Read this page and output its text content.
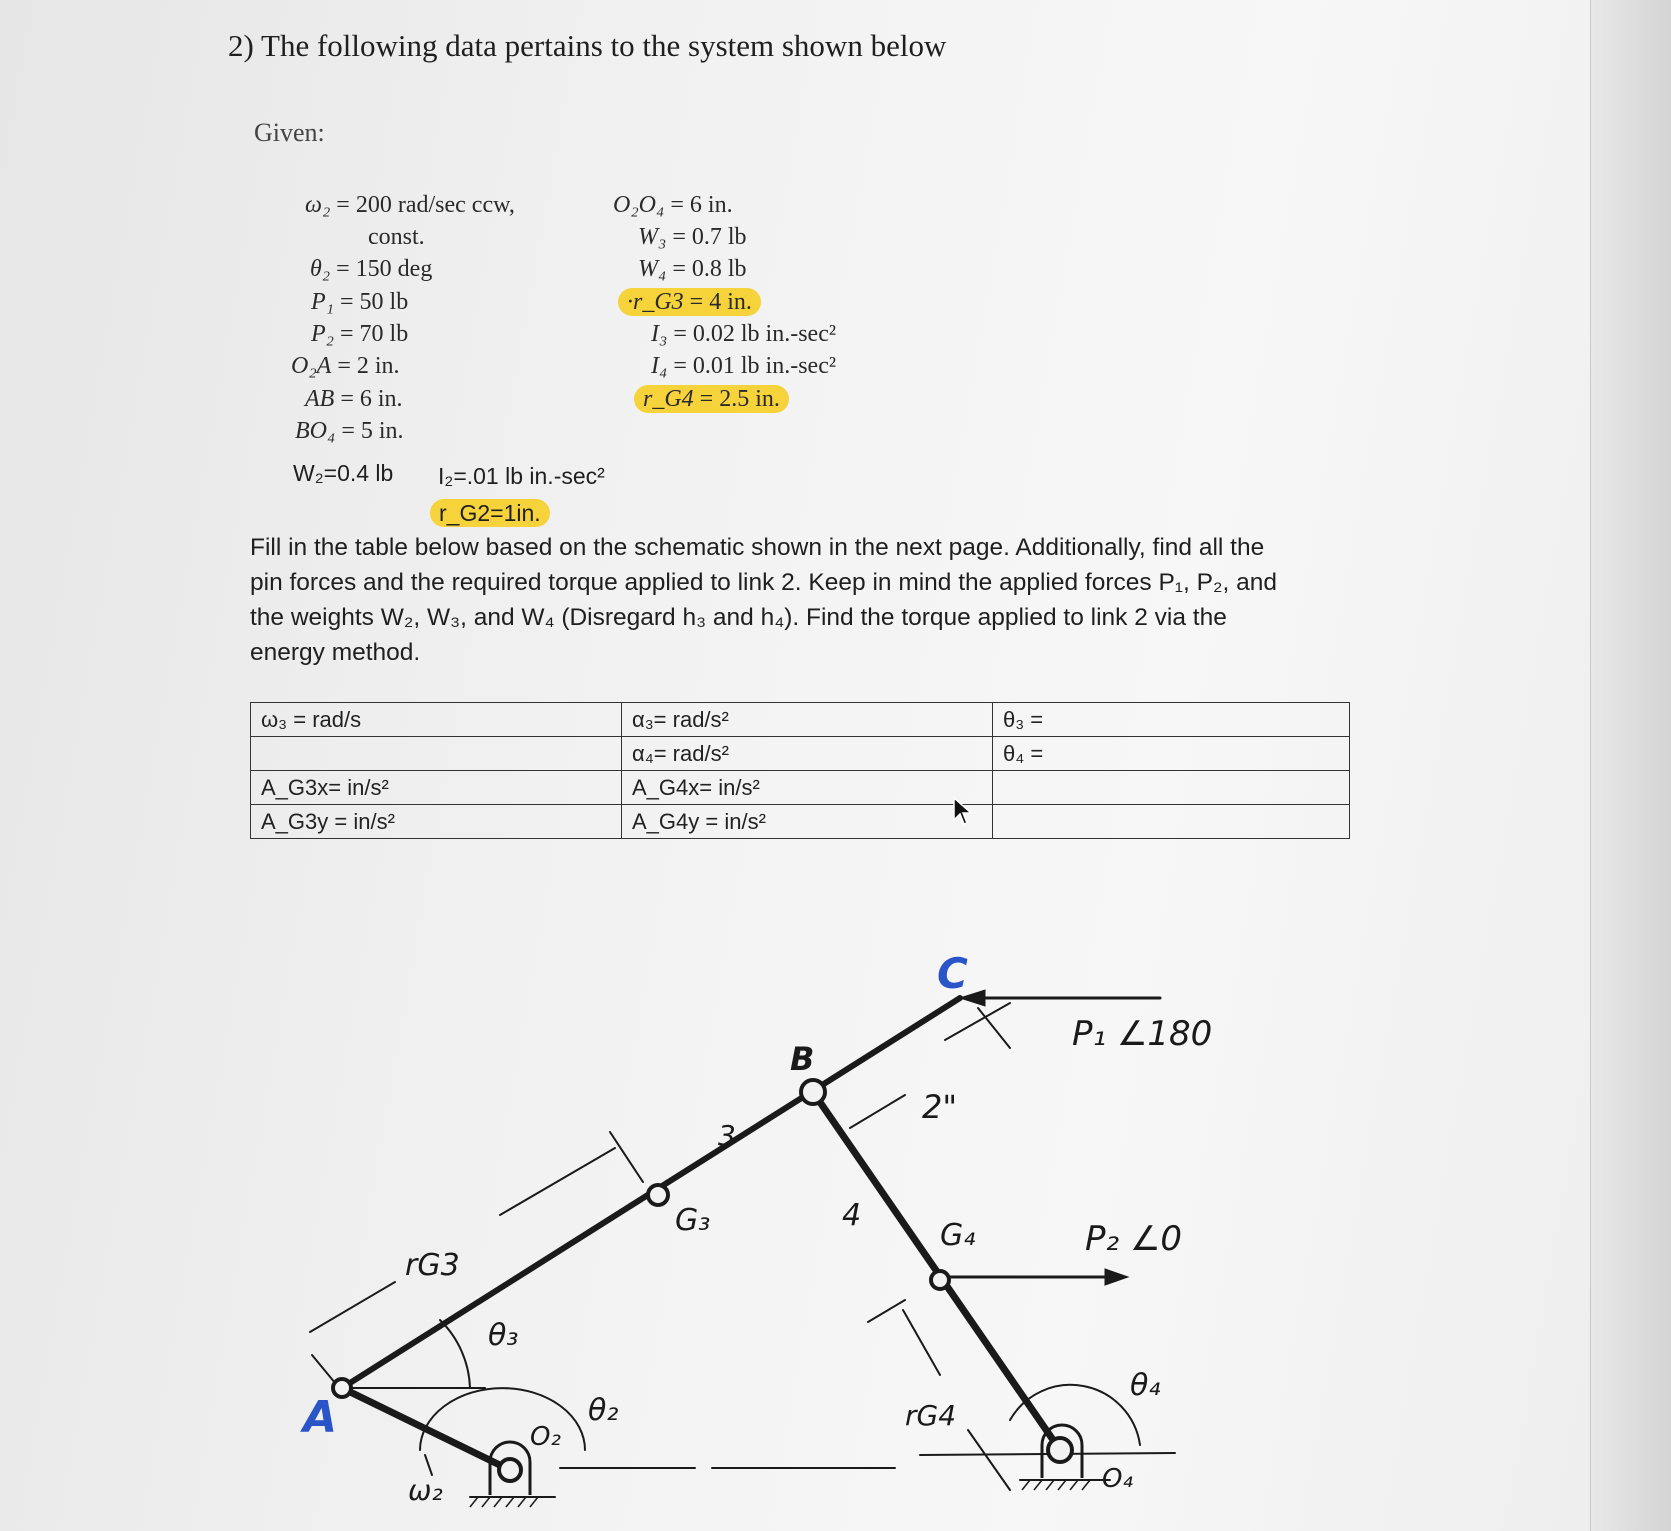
2) The following data pertains to the system shown below
Given:
ω₂ = 200 rad/sec ccw,
const.
θ₂ = 150 deg
P₁ = 50 lb
P₂ = 70 lb
O₂A = 2 in.
AB = 6 in.
BO₄ = 5 in.
O₂O₄ = 6 in.
W₃ = 0.7 lb
W₄ = 0.8 lb
·r_G3 = 4 in.
I₃ = 0.02 lb in.-sec²
I₄ = 0.01 lb in.-sec²
r_G4 = 2.5 in.
W₂=0.4 lb I₂=.01 lb in.-sec²
r_G2=1in.

Fill in the table below based on the schematic shown in the next page. Additionally, find all the

pin forces and the required torque applied to link 2. Keep in mind the applied forces P₁, P₂, and

the weights W₂, W₃, and W₄ (Disregard h₃ and h₄). Find the torque applied to link 2 via the

energy method.

ω₃ = rad/s	α₃= rad/s²	θ₃ =
	α₄= rad/s²	θ₄ =
A_G3x= in/s²	A_G4x= in/s²	
A_G3y = in/s²	A_G4y = in/s²	
C
B
A
4
3
G₃	G₄
rG3
rG4
θ₃
θ₂
θ₄
O₂
O₄
ω₂
2"
P₁ ∠180
P₂ ∠0
